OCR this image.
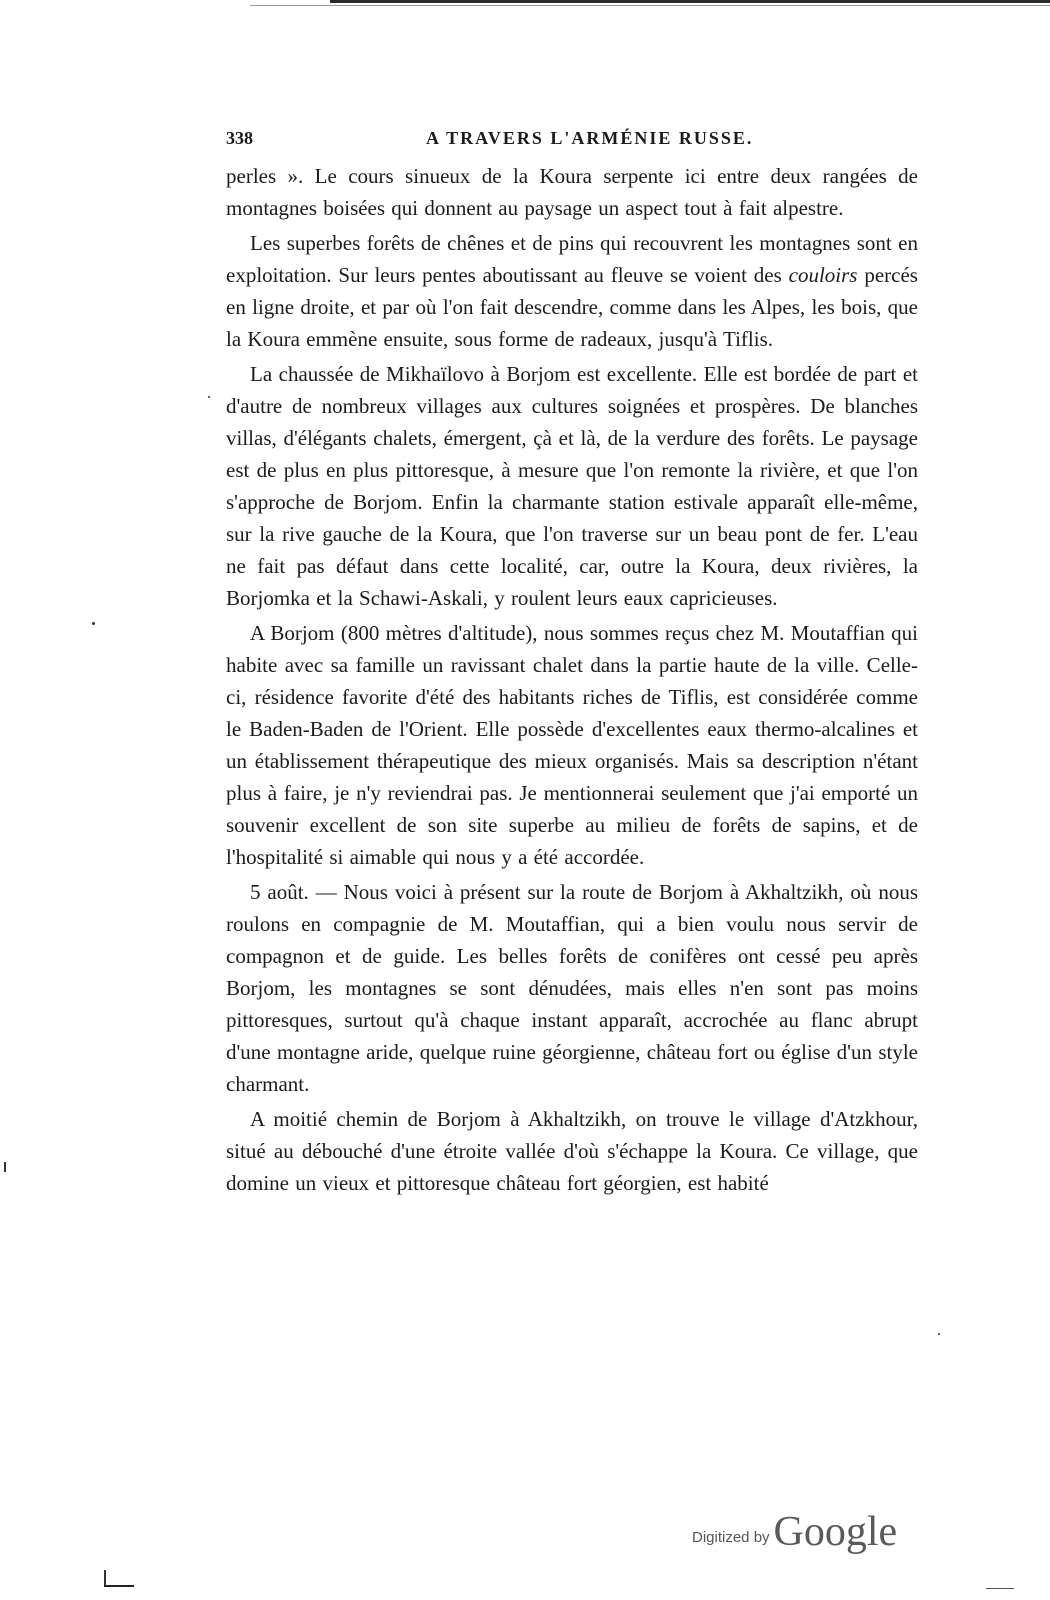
338	A TRAVERS L'ARMÉNIE RUSSE.

perles ». Le cours sinueux de la Koura serpente ici entre deux rangées de montagnes boisées qui donnent au paysage un aspect tout à fait alpestre.

Les superbes forêts de chênes et de pins qui recouvrent les montagnes sont en exploitation. Sur leurs pentes aboutissant au fleuve se voient des couloirs percés en ligne droite, et par où l'on fait descendre, comme dans les Alpes, les bois, que la Koura emmène ensuite, sous forme de radeaux, jusqu'à Tiflis.

La chaussée de Mikhaïlovo à Borjom est excellente. Elle est bordée de part et d'autre de nombreux villages aux cultures soignées et prospères. De blanches villas, d'élégants chalets, émergent, çà et là, de la verdure des forêts. Le paysage est de plus en plus pittoresque, à mesure que l'on remonte la rivière, et que l'on s'approche de Borjom. Enfin la charmante station estivale apparaît elle-même, sur la rive gauche de la Koura, que l'on traverse sur un beau pont de fer. L'eau ne fait pas défaut dans cette localité, car, outre la Koura, deux rivières, la Borjomka et la Schawi-Askali, y roulent leurs eaux capricieuses.

A Borjom (800 mètres d'altitude), nous sommes reçus chez M. Moutaffian qui habite avec sa famille un ravissant chalet dans la partie haute de la ville. Celle-ci, résidence favorite d'été des habitants riches de Tiflis, est considérée comme le Baden-Baden de l'Orient. Elle possède d'excellentes eaux thermo-alcalines et un établissement thérapeutique des mieux organisés. Mais sa description n'étant plus à faire, je n'y reviendrai pas. Je mentionnerai seulement que j'ai emporté un souvenir excellent de son site superbe au milieu de forêts de sapins, et de l'hospitalité si aimable qui nous y a été accordée.

5 août. — Nous voici à présent sur la route de Borjom à Akhaltzikh, où nous roulons en compagnie de M. Moutaffian, qui a bien voulu nous servir de compagnon et de guide. Les belles forêts de conifères ont cessé peu après Borjom, les montagnes se sont dénudées, mais elles n'en sont pas moins pittoresques, surtout qu'à chaque instant apparaît, accrochée au flanc abrupt d'une montagne aride, quelque ruine géorgienne, château fort ou église d'un style charmant.

A moitié chemin de Borjom à Akhaltzikh, on trouve le village d'Atzkhour, situé au débouché d'une étroite vallée d'où s'échappe la Koura. Ce village, que domine un vieux et pittoresque château fort géorgien, est habité

Digitized by Google
